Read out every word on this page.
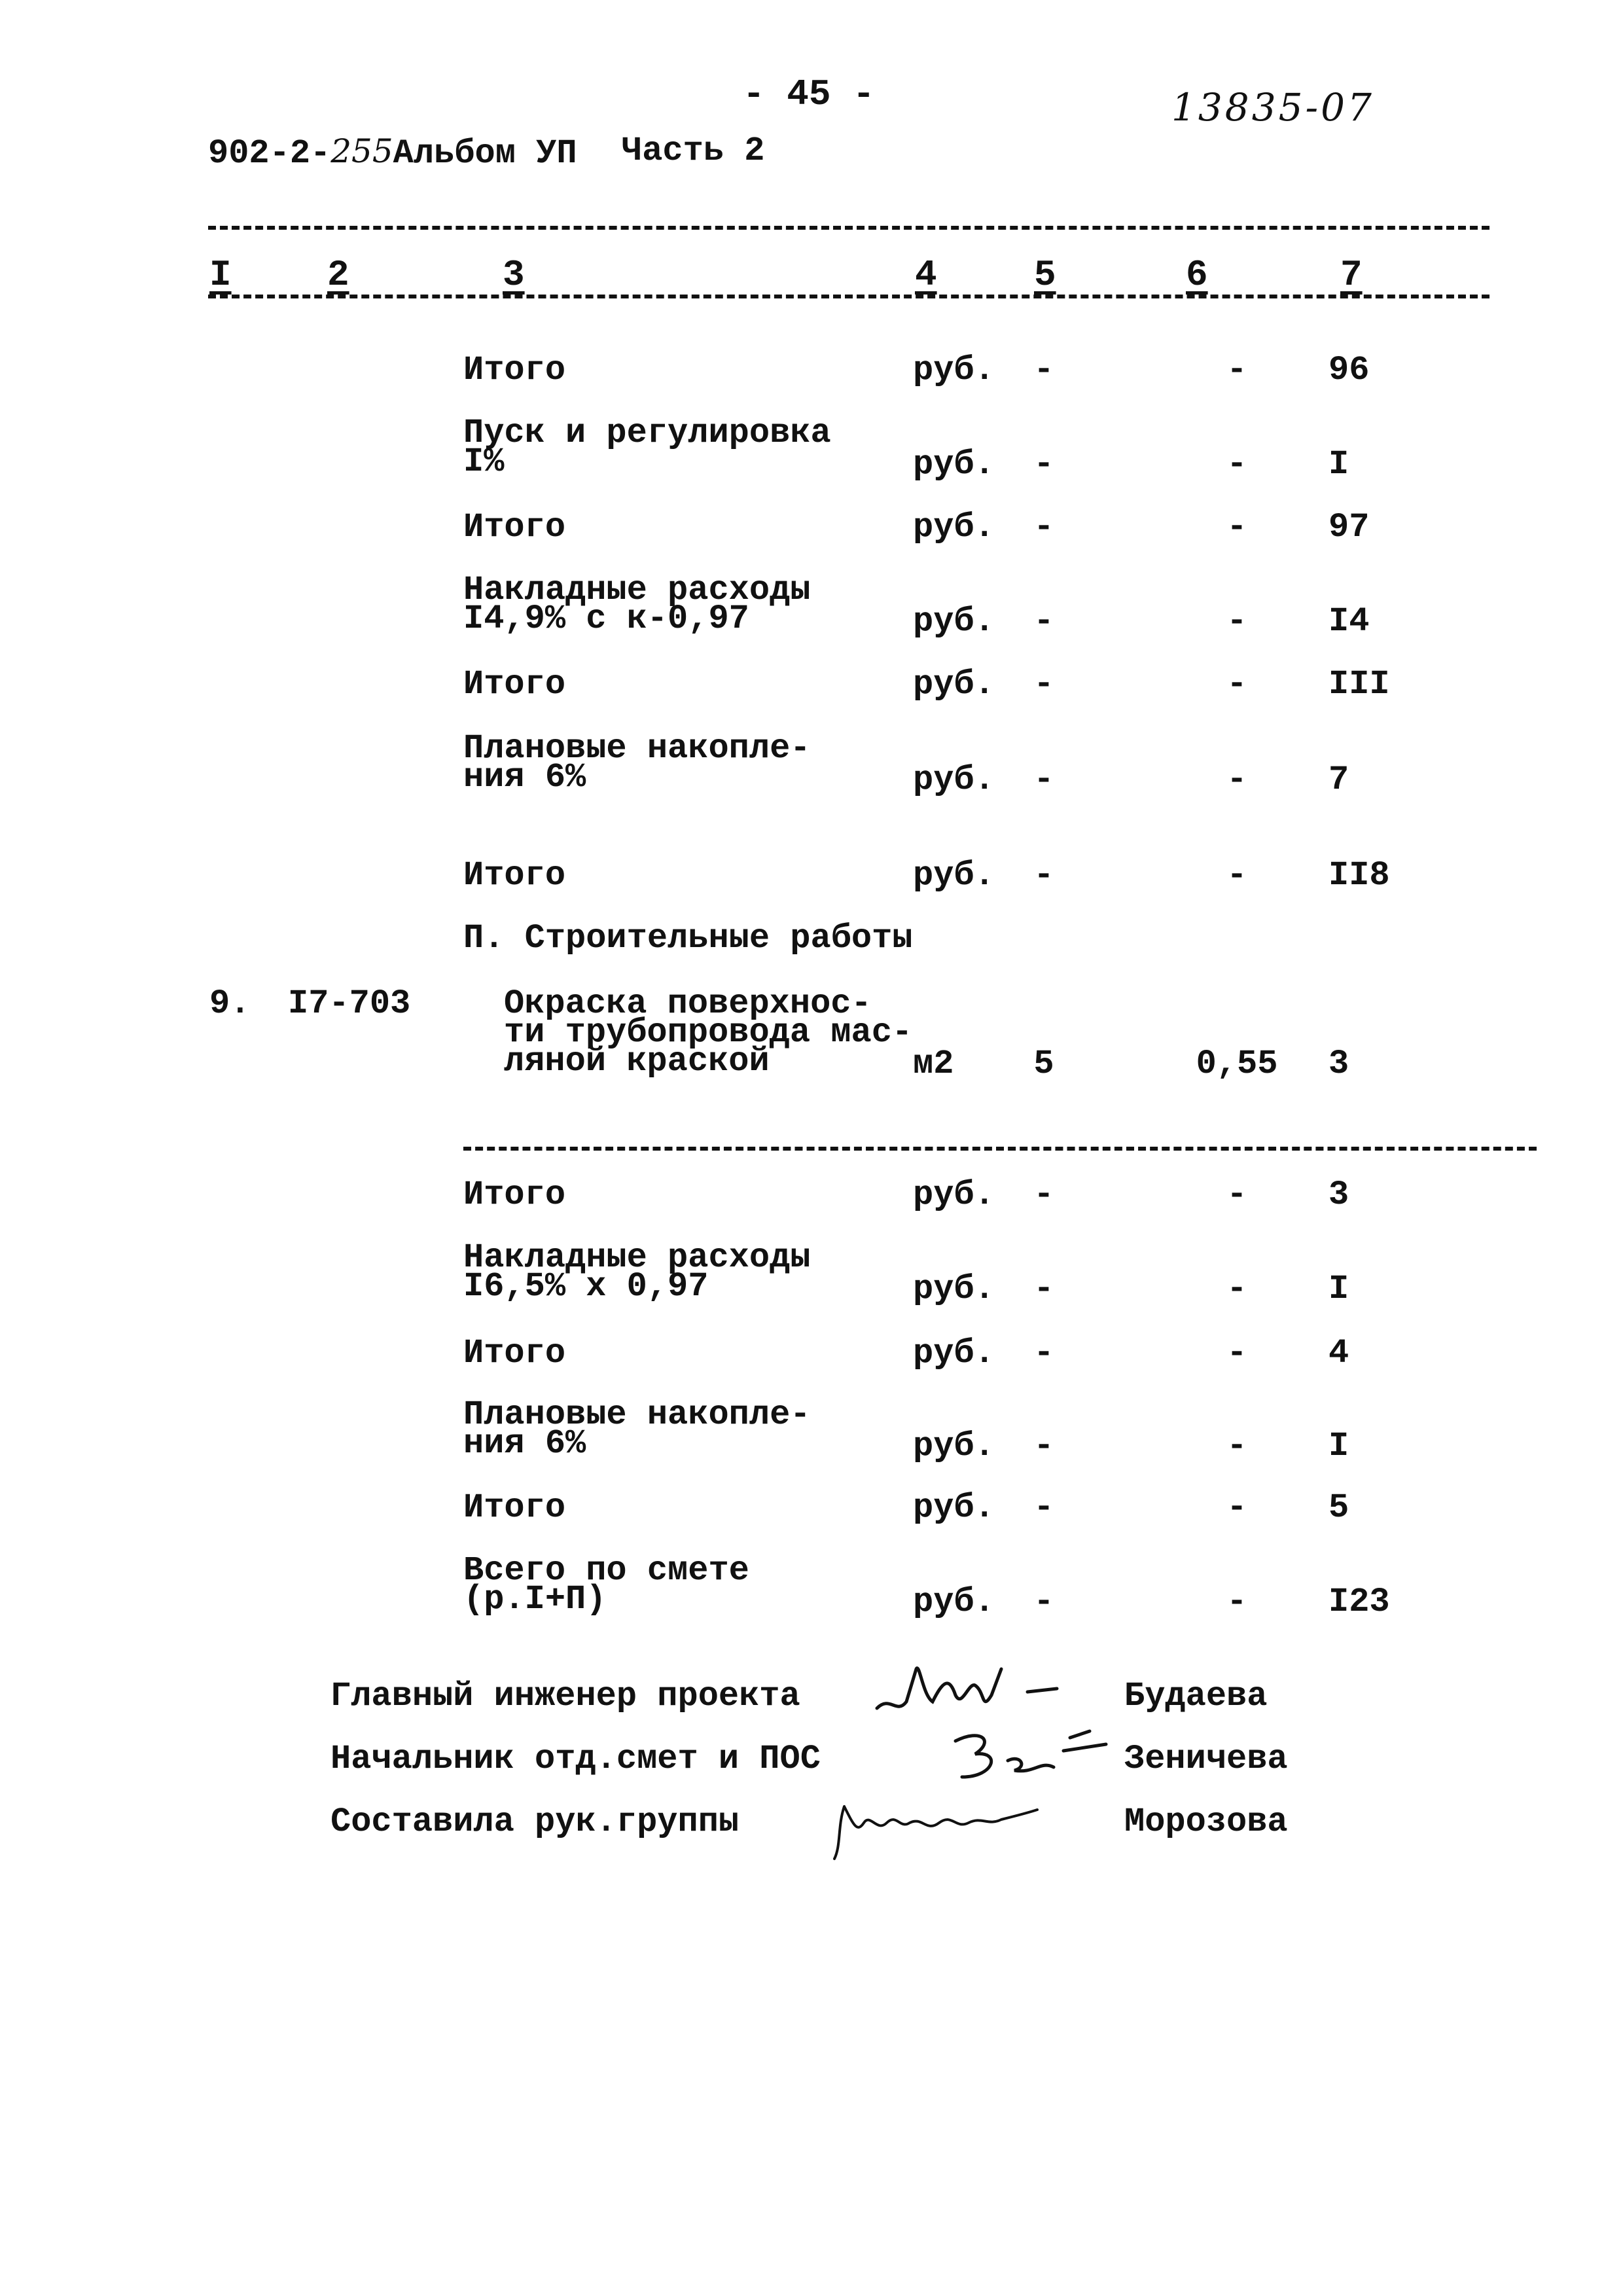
- 45 -	13835-07
902-2-255Альбом УП Часть 2
I	2	3	4	5	6	7
Итого	руб. -	-	96
Пуск и регулировка
I%	руб. -	-	I
Итого	руб. -	-	97
Накладные расходы
I4,9% с к-0,97	руб. -	-	I4
Итого	руб. -	-	III
Плановые накопле-
ния 6%	руб. -	-	7
Итого	руб. -	-	II8
П. Строительные работы
9. I7-703	Окраска поверхнос-
ти трубопровода мас-
ляной краской	м2 5	0,55	3
Итого	руб. -	-	3
Накладные расходы
I6,5% х 0,97	руб. -	-	I
Итого	руб. -	-	4
Плановые накопле-
ния 6%	руб. -	-	I
Итого	руб. -	-	5
Всего по смете
(р.I+П)	руб. -	-	I23
Главный инженер проекта	Будаева
Начальник отд.смет и ПОС	Зеничева
Составила рук.группы	Морозова
